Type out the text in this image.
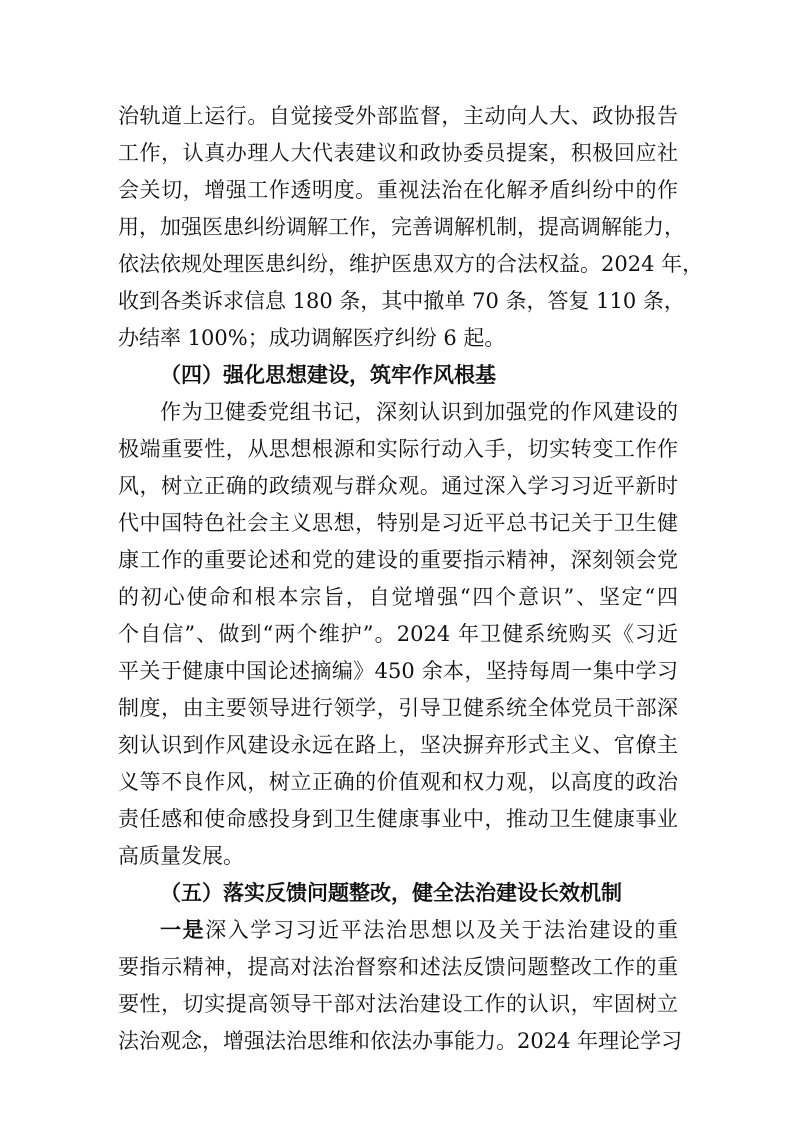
治轨道上运行。自觉接受外部监督，主动向人大、政协报告
工作，认真办理人大代表建议和政协委员提案，积极回应社
会关切，增强工作透明度。重视法治在化解矛盾纠纷中的作
用，加强医患纠纷调解工作，完善调解机制，提高调解能力，
依法依规处理医患纠纷，维护医患双方的合法权益。2024 年，
收到各类诉求信息 180 条，其中撤单 70 条，答复 110 条，
办结率 100%；成功调解医疗纠纷 6 起。
（四）强化思想建设，筑牢作风根基
作为卫健委党组书记，深刻认识到加强党的作风建设的
极端重要性，从思想根源和实际行动入手，切实转变工作作
风，树立正确的政绩观与群众观。通过深入学习习近平新时
代中国特色社会主义思想，特别是习近平总书记关于卫生健
康工作的重要论述和党的建设的重要指示精神，深刻领会党
的初心使命和根本宗旨，自觉增强“四个意识”、坚定“四
个自信”、做到“两个维护”。2024 年卫健系统购买《习近
平关于健康中国论述摘编》450 余本，坚持每周一集中学习
制度，由主要领导进行领学，引导卫健系统全体党员干部深
刻认识到作风建设永远在路上，坚决摒弃形式主义、官僚主
义等不良作风，树立正确的价值观和权力观，以高度的政治
责任感和使命感投身到卫生健康事业中，推动卫生健康事业
高质量发展。
（五）落实反馈问题整改，健全法治建设长效机制
一是深入学习习近平法治思想以及关于法治建设的重
要指示精神，提高对法治督察和述法反馈问题整改工作的重
要性，切实提高领导干部对法治建设工作的认识，牢固树立
法治观念，增强法治思维和依法办事能力。2024 年理论学习
